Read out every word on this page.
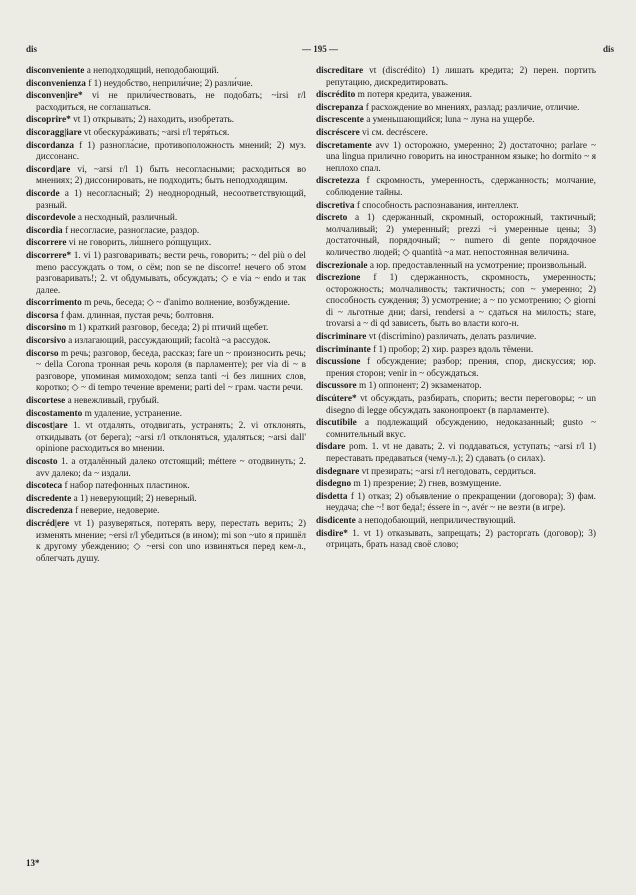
dis	— 195 —	dis
disconveniente a неподходя́щий, непо́добающий.
disconvenienza f 1) неудобство, неприли́чие; 2) разли́чие.
disconven|ire* vi не прили́чествовать, не подобать; ~irsi r/l расходиться, не соглашаться.
discoprire* vt 1) открывать; 2) находить, изобретать.
discoragg|iare vt обескура́живать; ~arsi r/l теря́ться.
discordanza f 1) разногла́сие, противоположность мнений; 2) муз. диссонанс.
discord|are vi, ~arsi r/l 1) быть несогласными; расходиться во мнениях; 2) диссонировать, не подходить; быть неподходящим.
discorde a 1) несогласный; 2) неоднородный, несоответствующий, разный.
discordevole a несходный, различный.
discordia f несогласие, разногласие, раздор.
discorrere vi не говорить, ли́шнего ро́пщущих.
discorrere* 1. vi 1) разговаривать; вести речь, говорить; ~ del più o del meno рассуждать о том, о сём; non se ne discorre! нечего об этом разговаривать!; 2. vt обдумывать, обсуждать; ◇ e via ~ endo и так далее.
discorrimento m речь, беседа; ◇ ~ d'animo волнение, возбуждение.
discorsa f фам. длинная, пустая речь; болтовня.
discorsino m 1) краткий разговор, беседа; 2) pi птичий щебет.
discorsivo a излагающий, рассуждающий; facoltà ~a рассудок.
discorso m речь; разговор, беседа, рассказ; fare un ~ произносить речь; ~ della Corona тронная речь короля (в парламенте); per via di ~ в разговоре, упоминая мимоходом; senza tanti ~i без лишних слов, коротко; ◇ ~ di tempo течение времени; parti del ~ грам. части речи.
discortese a невежливый, грубый.
discostamento m удаление, устранение.
discost|are 1. vt отдалять, отодвигать, устранять; 2. vi отклонять, откидывать (от берега); ~arsi r/l отклоняться, удаляться; ~arsi dall' opinione расходиться во мнении.
discosto 1. a отдалённый далеко отстоящий; méttere ~ отодвинуть; 2. avv далеко; da ~ издали.
discoteca f набор патефонных пластинок.
discredente a 1) неверующий; 2) неверный.
discredenza f неверие, недоверие.
discréd|ere vt 1) разуверяться, потерять веру, перестать верить; 2) изменять мнение; ~ersi r/l убедиться (в ином); mi son ~uto я пришёл к другому убеждению; ◇ ~ersi con uno извиняться перед кем-л., облегчать душу.
discreditare vt (discrédito) 1) лишать кредита; 2) перен. портить репутацию, дискредитировать.
discrédito m потеря кредита, уважения.
discrepanza f расхождение во мнениях, разлад; различие, отличие.
discrescente a уменьшающийся; luna ~ луна на ущербе.
discréscere vi см. decréscere.
discretamente avv 1) осторожно, умеренно; 2) достаточно; parlare ~ una lingua прилично говорить на иностранном языке; ho dormito ~ я неплохо спал.
discretezza f скромность, умеренность, сдержанность; молчание, соблюдение тайны.
discretiva f способность распознавания, интеллект.
discreto a 1) сдержанный, скромный, осторожный, тактичный; молчаливый; 2) умеренный; prezzi ~i умеренные цены; 3) достаточный, порядочный; ~ numero di gente порядочное количество людей; ◇ quantità ~a мат. непостоянная величина.
discrezionale a юр. предоставленный на усмотрение; произвольный.
discrezione f 1) сдержанность, скромность, умеренность; осторожность; молчаливость; тактичность; con ~ умеренно; 2) способность суждения; 3) усмотрение; a ~ по усмотрению; ◇ giorni di ~ льготные дни; darsi, rendersi a ~ сдаться на милость; stare, trovarsi a ~ di qd зависеть, быть во власти кого-н.
discriminare vt (discrimino) различать, делать различие.
discriminante f 1) пробор; 2) хир. разрез вдоль тёмени.
discussione f обсуждение; разбор; прения, спор, дискуссия; юр. прения сторон; venir in ~ обсуждаться.
discussore m 1) оппонент; 2) экзаменатор.
discútere* vt обсуждать, разбирать, спорить; вести переговоры; ~ un disegno di legge обсуждать законопроект (в парламенте).
discutibile a подлежащий обсуждению, недоказанный; gusto ~ сомнительный вкус.
disdare pom. 1. vt не давать; 2. vi поддаваться, уступать; ~arsi r/l 1) переставать предаваться (чему-л.); 2) сдавать (о силах).
disdegnare vt презирать; ~arsi r/l негодовать, сердиться.
disdegno m 1) презрение; 2) гнев, возмущение.
disdetta f 1) отказ; 2) объявление о прекращении (договора); 3) фам. неудача; che ~! вот беда!; éssere in ~, avér ~ не везти (в игре).
disdicente a неподобающий, неприличествующий.
disdire* 1. vt 1) отказывать, запрещать; 2) расторгать (договор); 3) отрицать, брать назад своё слово;
13*
